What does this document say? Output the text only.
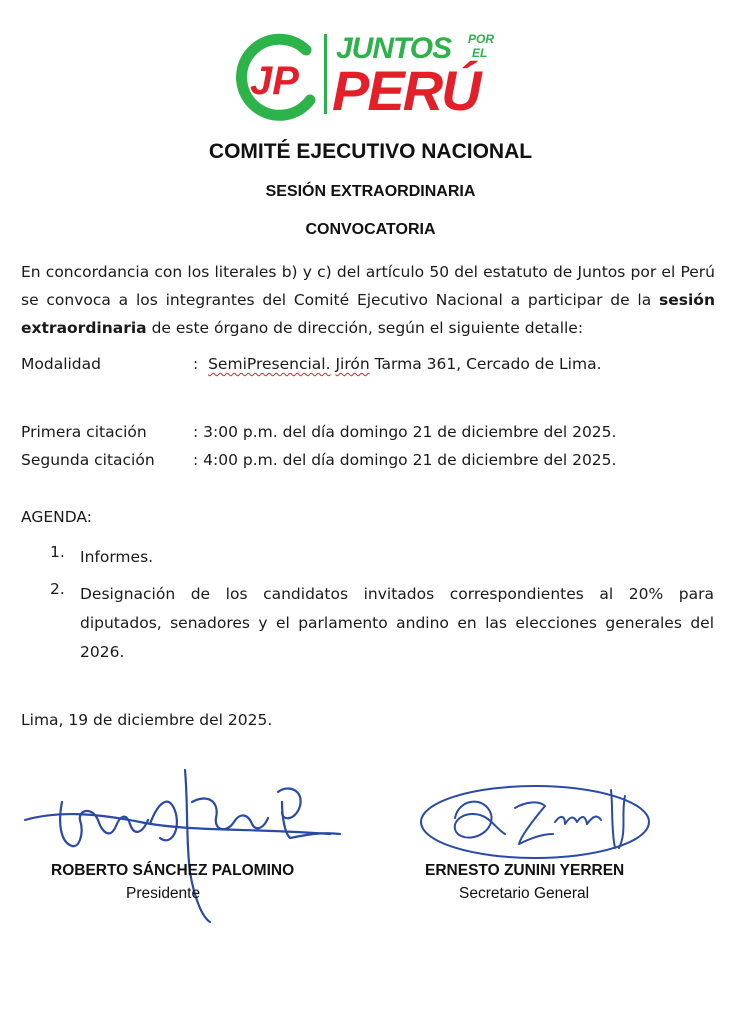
JP
JUNTOS POR
EL
PERÚ
COMITÉ EJECUTIVO NACIONAL
SESIÓN EXTRAORDINARIA
CONVOCATORIA
En concordancia con los literales b) y c) del artículo 50 del estatuto de Juntos por el Perú se convoca a los integrantes del Comité Ejecutivo Nacional a participar de la sesión extraordinaria de este órgano de dirección, según el siguiente detalle:
Modalidad	: SemiPresencial. Jirón Tarma 361, Cercado de Lima.
Primera citación	: 3:00 p.m. del día domingo 21 de diciembre del 2025.
Segunda citación : 4:00 p.m. del día domingo 21 de diciembre del 2025.
AGENDA:
1. Informes.
2. Designación de los candidatos invitados correspondientes al 20% para diputados, senadores y el parlamento andino en las elecciones generales del 2026.
Lima, 19 de diciembre del 2025.
ROBERTO SÁNCHEZ PALOMINO
Presidente
ERNESTO ZUNINI YERREN
Secretario General
